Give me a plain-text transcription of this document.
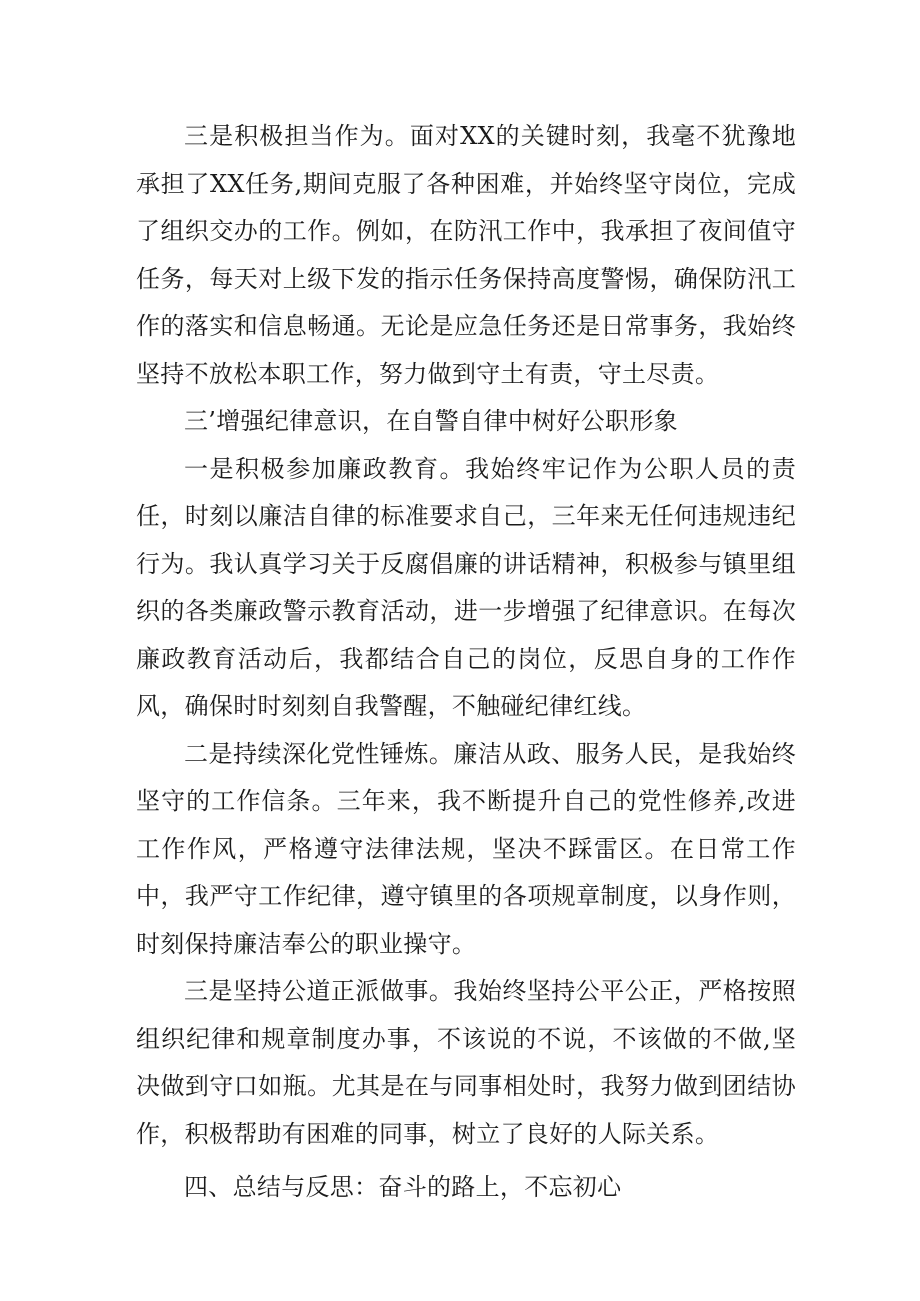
三是积极担当作为。面对XX的关键时刻，我毫不犹豫地承担了XX任务,期间克服了各种困难，并始终坚守岗位，完成了组织交办的工作。例如，在防汛工作中，我承担了夜间值守任务，每天对上级下发的指示任务保持高度警惕，确保防汛工作的落实和信息畅通。无论是应急任务还是日常事务，我始终坚持不放松本职工作，努力做到守土有责，守土尽责。

三’增强纪律意识，在自警自律中树好公职形象

一是积极参加廉政教育。我始终牢记作为公职人员的责任，时刻以廉洁自律的标准要求自己，三年来无任何违规违纪行为。我认真学习关于反腐倡廉的讲话精神，积极参与镇里组织的各类廉政警示教育活动，进一步增强了纪律意识。在每次廉政教育活动后，我都结合自己的岗位，反思自身的工作作风，确保时时刻刻自我警醒，不触碰纪律红线。

二是持续深化党性锤炼。廉洁从政、服务人民，是我始终坚守的工作信条。三年来，我不断提升自己的党性修养,改进工作作风，严格遵守法律法规，坚决不踩雷区。在日常工作中，我严守工作纪律，遵守镇里的各项规章制度，以身作则，时刻保持廉洁奉公的职业操守。

三是坚持公道正派做事。我始终坚持公平公正，严格按照组织纪律和规章制度办事，不该说的不说，不该做的不做,坚决做到守口如瓶。尤其是在与同事相处时，我努力做到团结协作，积极帮助有困难的同事，树立了良好的人际关系。

四、总结与反思：奋斗的路上，不忘初心
